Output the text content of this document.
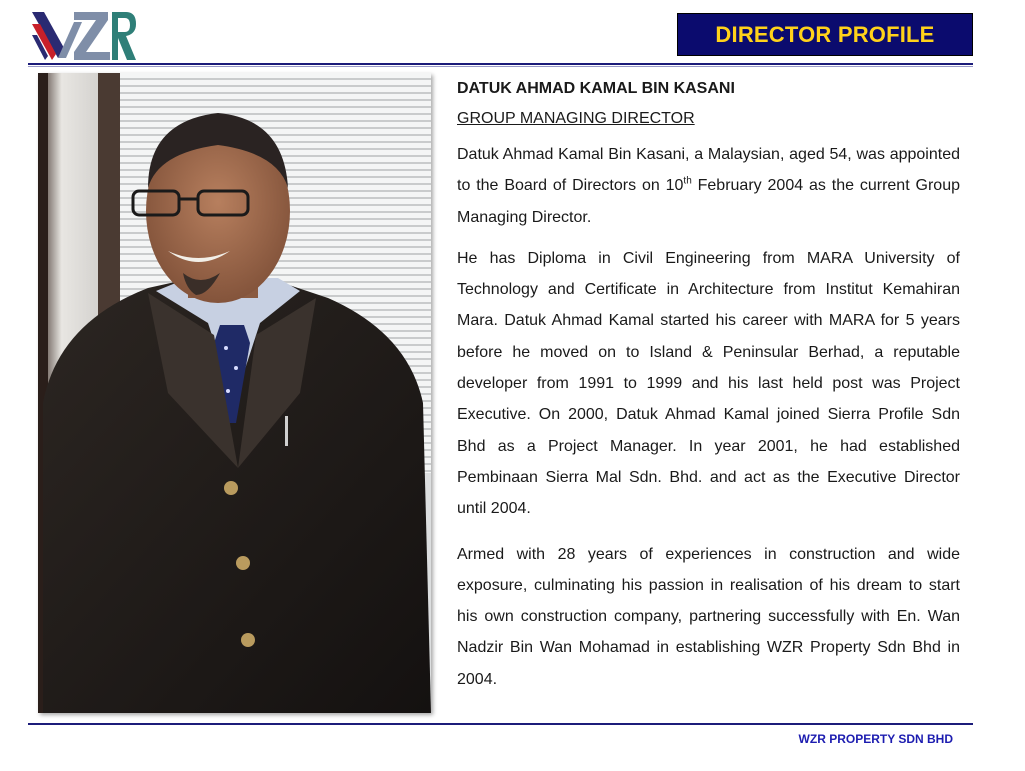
WZR
DIRECTOR PROFILE

DATUK AHMAD KAMAL BIN KASANI

GROUP MANAGING DIRECTOR

Datuk Ahmad Kamal Bin Kasani, a Malaysian, aged 54, was appointed to the Board of Directors on 10th February 2004 as the current Group Managing Director.

He has Diploma in Civil Engineering from MARA University of Technology and Certificate in Architecture from Institut Kemahiran Mara. Datuk Ahmad Kamal started his career with MARA for 5 years before he moved on to Island & Peninsular Berhad, a reputable developer from 1991 to 1999 and his last held post was Project Executive. On 2000, Datuk Ahmad Kamal joined Sierra Profile Sdn Bhd as a Project Manager. In year 2001, he had established Pembinaan Sierra Mal Sdn. Bhd. and act as the Executive Director until 2004.

Armed with 28 years of experiences in construction and wide exposure, culminating his passion in realisation of his dream to start his own construction company, partnering successfully with En. Wan Nadzir Bin Wan Mohamad in establishing WZR Property Sdn Bhd in 2004.

WZR PROPERTY SDN BHD
